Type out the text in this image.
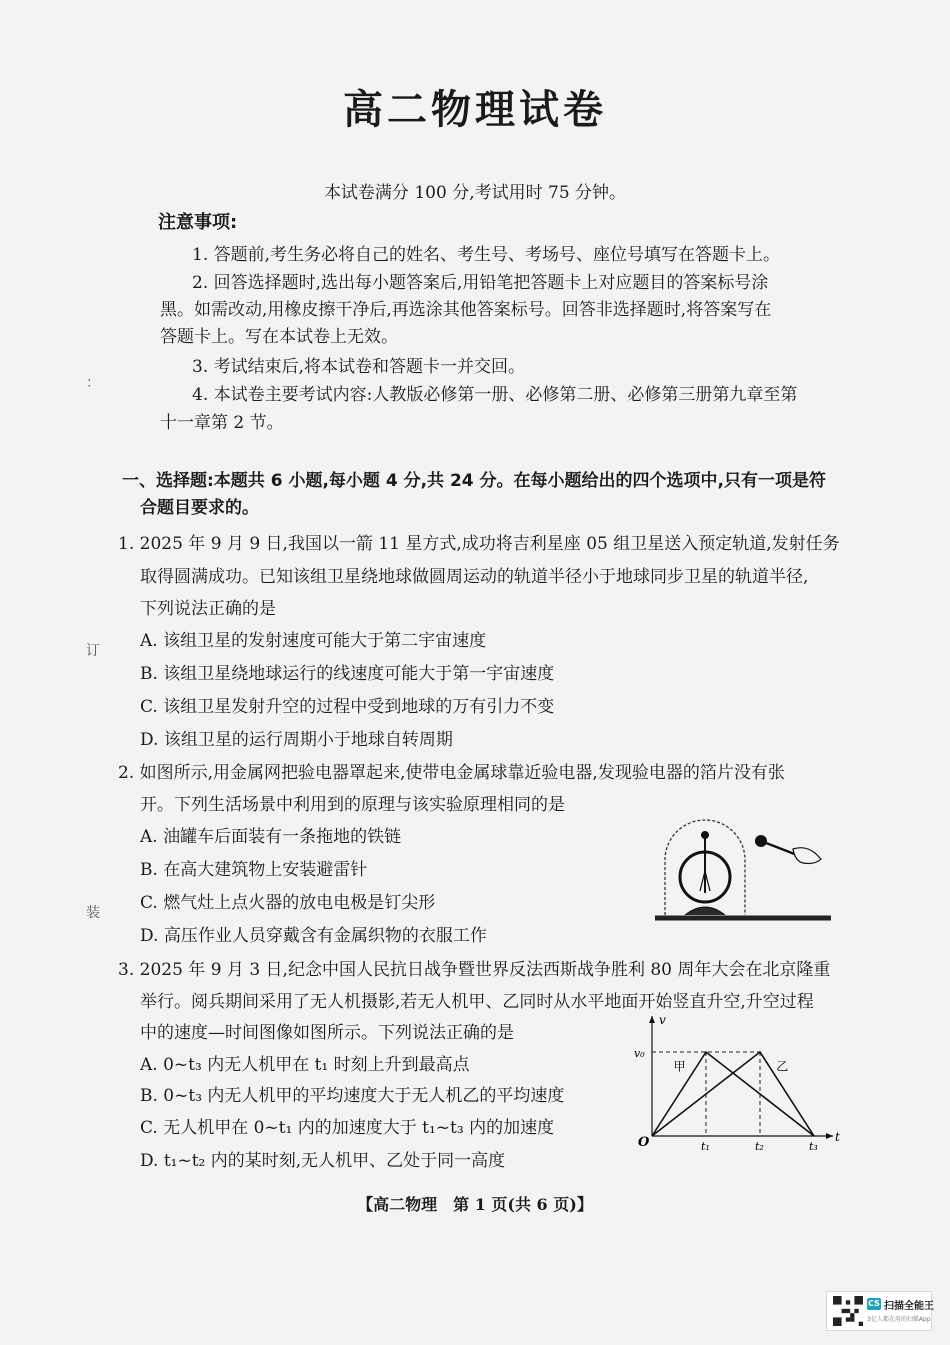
高二物理试卷
本试卷满分 100 分,考试用时 75 分钟。
注意事项:
1. 答题前,考生务必将自己的姓名、考生号、考场号、座位号填写在答题卡上。
2. 回答选择题时,选出每小题答案后,用铅笔把答题卡上对应题目的答案标号涂
黑。如需改动,用橡皮擦干净后,再选涂其他答案标号。回答非选择题时,将答案写在
答题卡上。写在本试卷上无效。
3. 考试结束后,将本试卷和答题卡一并交回。
4. 本试卷主要考试内容:人教版必修第一册、必修第二册、必修第三册第九章至第
十一章第 2 节。
一、选择题:本题共 6 小题,每小题 4 分,共 24 分。在每小题给出的四个选项中,只有一项是符
合题目要求的。
1. 2025 年 9 月 9 日,我国以一箭 11 星方式,成功将吉利星座 05 组卫星送入预定轨道,发射任务
取得圆满成功。已知该组卫星绕地球做圆周运动的轨道半径小于地球同步卫星的轨道半径,
下列说法正确的是
A. 该组卫星的发射速度可能大于第二宇宙速度
B. 该组卫星绕地球运行的线速度可能大于第一宇宙速度
C. 该组卫星发射升空的过程中受到地球的万有引力不变
D. 该组卫星的运行周期小于地球自转周期
2. 如图所示,用金属网把验电器罩起来,使带电金属球靠近验电器,发现验电器的箔片没有张
开。下列生活场景中利用到的原理与该实验原理相同的是
A. 油罐车后面装有一条拖地的铁链
B. 在高大建筑物上安装避雷针
C. 燃气灶上点火器的放电电极是钉尖形
D. 高压作业人员穿戴含有金属织物的衣服工作
3. 2025 年 9 月 3 日,纪念中国人民抗日战争暨世界反法西斯战争胜利 80 周年大会在北京隆重
举行。阅兵期间采用了无人机摄影,若无人机甲、乙同时从水平地面开始竖直升空,升空过程
中的速度—时间图像如图所示。下列说法正确的是
A. 0~t₃ 内无人机甲在 t₁ 时刻上升到最高点
B. 0~t₃ 内无人机甲的平均速度大于无人机乙的平均速度
C. 无人机甲在 0~t₁ 内的加速度大于 t₁~t₃ 内的加速度
D. t₁~t₂ 内的某时刻,无人机甲、乙处于同一高度
t
v
O
v₀
t₁	t₂	t₃
甲	乙
【高二物理　第 1 页(共 6 页)】
：
订
装
CS 扫描全能王
3亿人都在用的扫描App
